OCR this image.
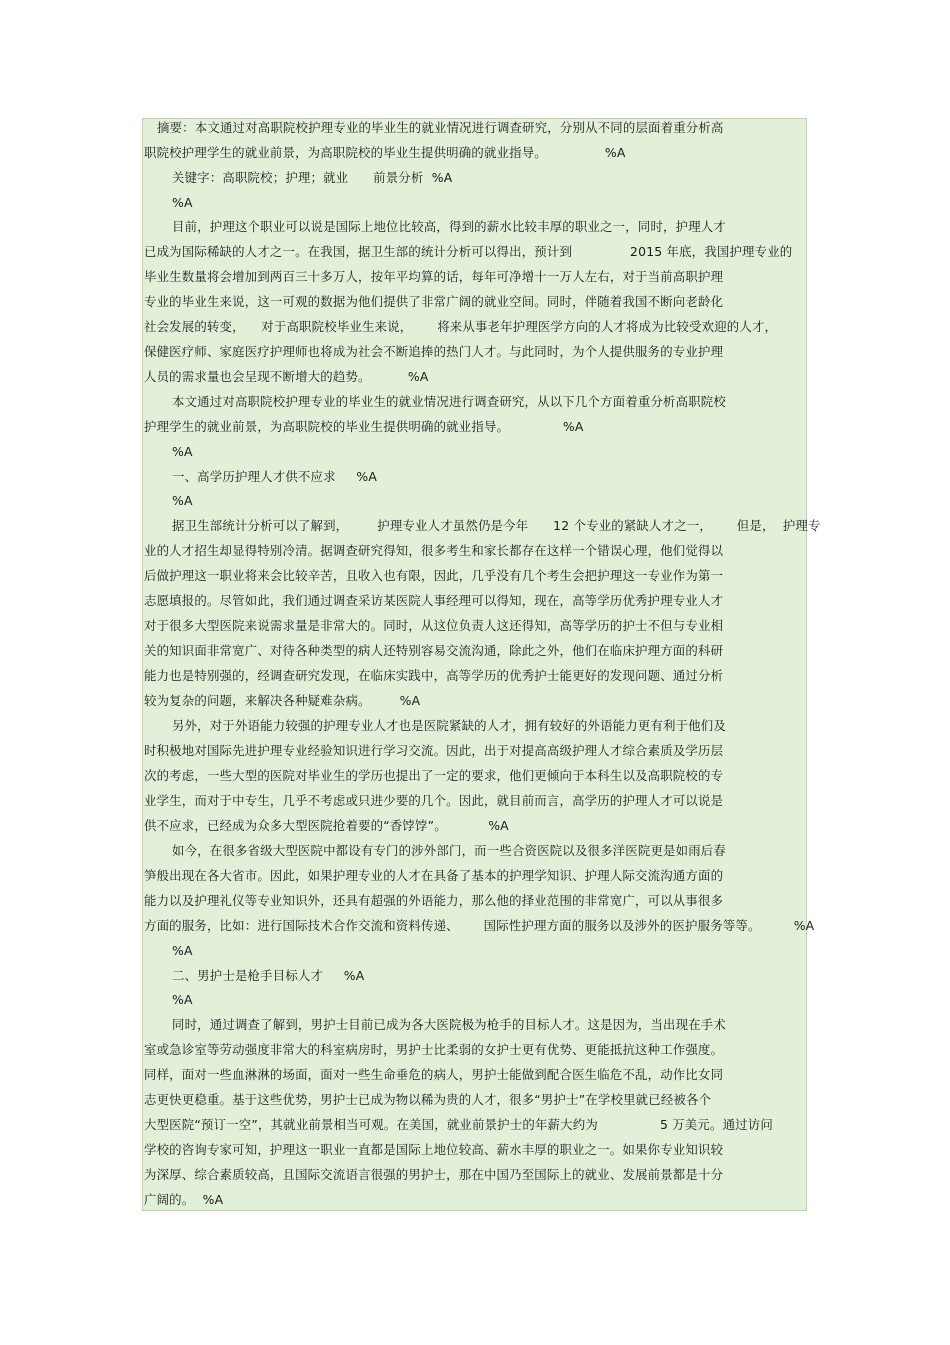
摘要：本文通过对高职院校护理专业的毕业生的就业情况进行调查研究，分别从不同的层面着重分析高
职院校护理学生的就业前景，为高职院校的毕业生提供明确的就业指导。              %A
关键字：高职院校；护理；就业      前景分析  %A
%A
目前，护理这个职业可以说是国际上地位比较高，得到的薪水比较丰厚的职业之一，同时，护理人才
已成为国际稀缺的人才之一。在我国，据卫生部的统计分析可以得出，预计到              2015 年底，我国护理专业的
毕业生数量将会增加到两百三十多万人，按年平均算的话，每年可净增十一万人左右，对于当前高职护理
专业的毕业生来说，这一可观的数据为他们提供了非常广阔的就业空间。同时，伴随着我国不断向老龄化
社会发展的转变，    对于高职院校毕业生来说，      将来从事老年护理医学方向的人才将成为比较受欢迎的人才，
保健医疗师、家庭医疗护理师也将成为社会不断追捧的热门人才。与此同时，为个人提供服务的专业护理
人员的需求量也会呈现不断增大的趋势。         %A
本文通过对高职院校护理专业的毕业生的就业情况进行调查研究，从以下几个方面着重分析高职院校
护理学生的就业前景，为高职院校的毕业生提供明确的就业指导。             %A
%A
一、高学历护理人才供不应求     %A
%A
据卫生部统计分析可以了解到，       护理专业人才虽然仍是今年      12 个专业的紧缺人才之一，      但是，  护理专
业的人才招生却显得特别冷清。据调查研究得知，很多考生和家长都存在这样一个错误心理，他们觉得以
后做护理这一职业将来会比较辛苦，且收入也有限，因此，几乎没有几个考生会把护理这一专业作为第一
志愿填报的。尽管如此，我们通过调查采访某医院人事经理可以得知，现在，高等学历优秀护理专业人才
对于很多大型医院来说需求量是非常大的。同时，从这位负责人这还得知，高等学历的护士不但与专业相
关的知识面非常宽广、对待各种类型的病人还特别容易交流沟通，除此之外，他们在临床护理方面的科研
能力也是特别强的，经调查研究发现，在临床实践中，高等学历的优秀护士能更好的发现问题、通过分析
较为复杂的问题，来解决各种疑难杂病。       %A
另外，对于外语能力较强的护理专业人才也是医院紧缺的人才，拥有较好的外语能力更有利于他们及
时积极地对国际先进护理专业经验知识进行学习交流。因此，出于对提高高级护理人才综合素质及学历层
次的考虑，一些大型的医院对毕业生的学历也提出了一定的要求，他们更倾向于本科生以及高职院校的专
业学生，而对于中专生，几乎不考虑或只进少要的几个。因此，就目前而言，高学历的护理人才可以说是
供不应求，已经成为众多大型医院抢着要的“香饽饽”。          %A
如今，在很多省级大型医院中都设有专门的涉外部门，而一些合资医院以及很多洋医院更是如雨后春
笋般出现在各大省市。因此，如果护理专业的人才在具备了基本的护理学知识、护理人际交流沟通方面的
能力以及护理礼仪等专业知识外，还具有超强的外语能力，那么他的择业范围的非常宽广，可以从事很多
方面的服务，比如：进行国际技术合作交流和资料传递、      国际性护理方面的服务以及涉外的医护服务等等。        %A
%A
二、男护士是枪手目标人才     %A
%A
同时，通过调查了解到，男护士目前已成为各大医院极为枪手的目标人才。这是因为，当出现在手术
室或急诊室等劳动强度非常大的科室病房时，男护士比柔弱的女护士更有优势、更能抵抗这种工作强度。
同样，面对一些血淋淋的场面，面对一些生命垂危的病人，男护士能做到配合医生临危不乱，动作比女同
志更快更稳重。基于这些优势，男护士已成为物以稀为贵的人才，很多“男护士”在学校里就已经被各个
大型医院“预订一空”，其就业前景相当可观。在美国，就业前景护士的年薪大约为               5 万美元。通过访问
学校的咨询专家可知，护理这一职业一直都是国际上地位较高、薪水丰厚的职业之一。如果你专业知识较
为深厚、综合素质较高，且国际交流语言很强的男护士，那在中国乃至国际上的就业、发展前景都是十分
广阔的。  %A
